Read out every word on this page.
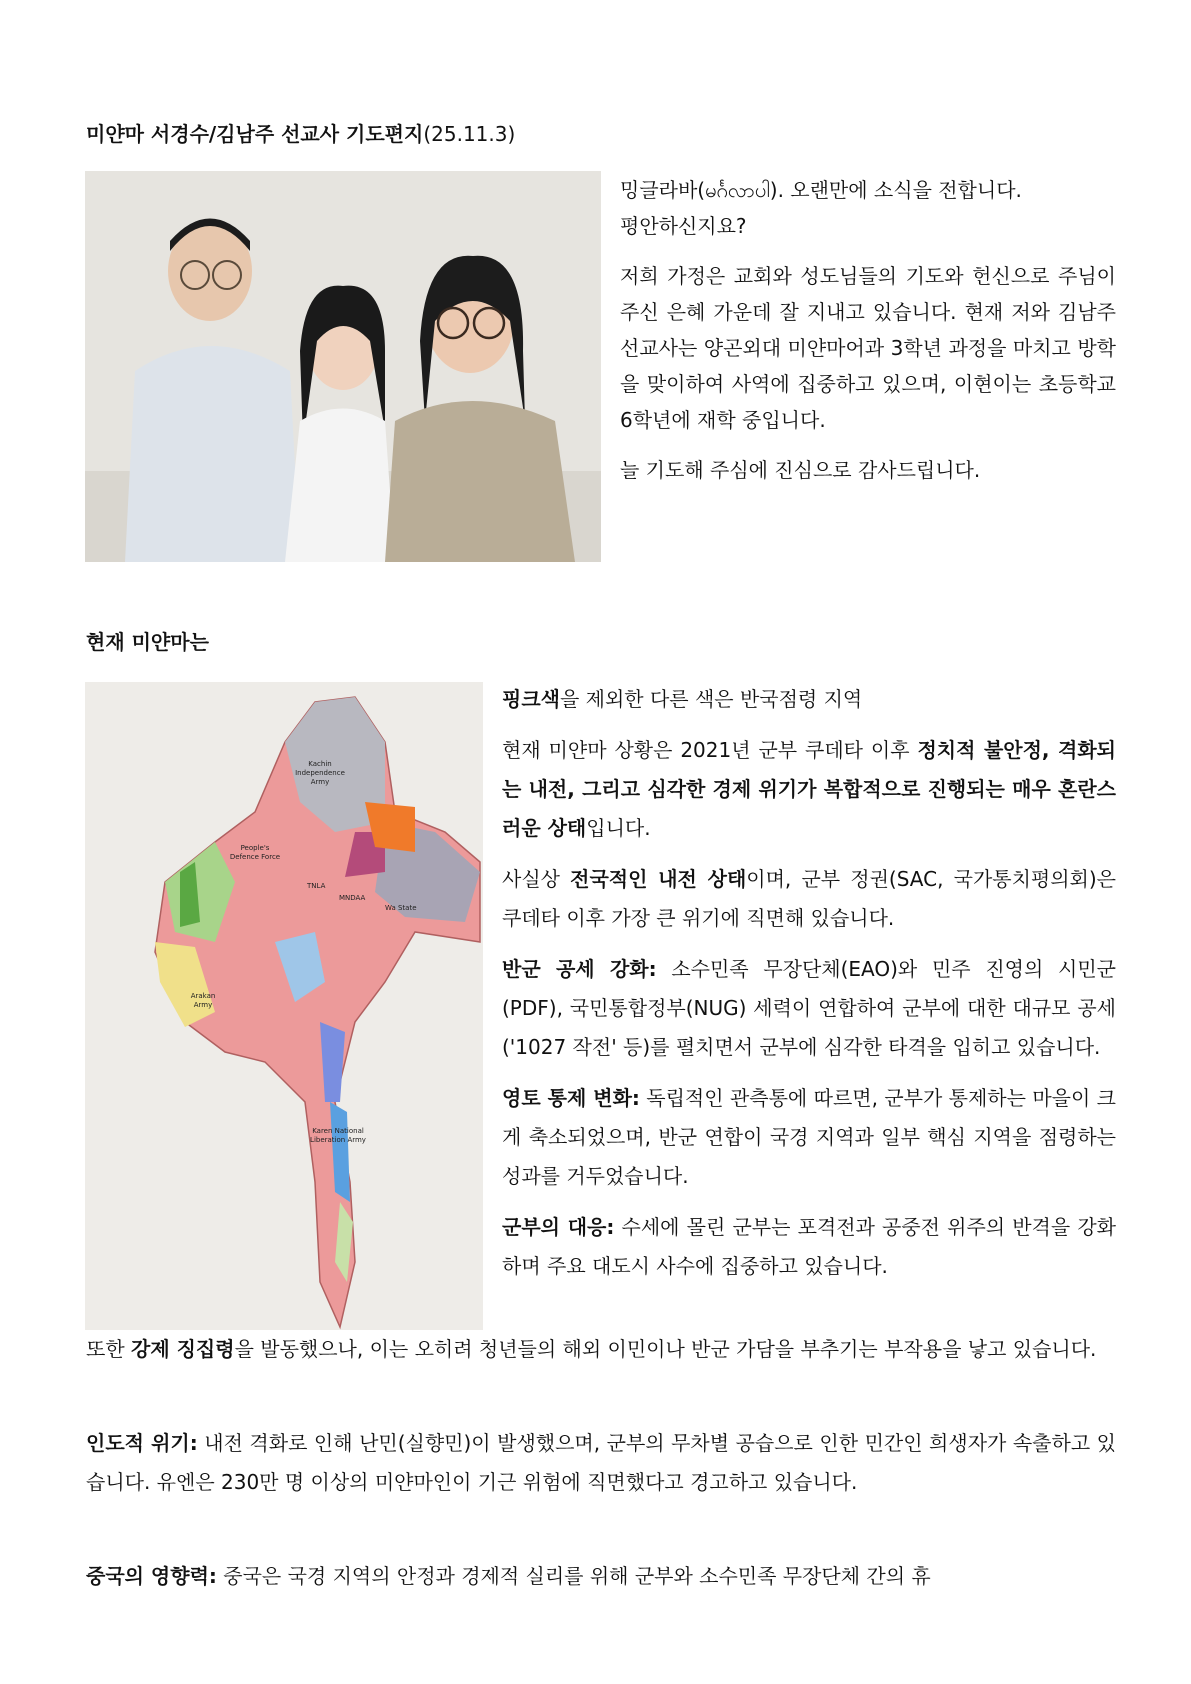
미얀마 서경수/김남주 선교사 기도편지(25.11.3)

밍글라바(မင်္ဂလာပါ). 오랜만에 소식을 전합니다.
평안하신지요?

저희 가정은 교회와 성도님들의 기도와 헌신으로 주님이 주신 은혜 가운데 잘 지내고 있습니다. 현재 저와 김남주 선교사는 양곤외대 미얀마어과 3학년 과정을 마치고 방학을 맞이하여 사역에 집중하고 있으며, 이현이는 초등학교 6학년에 재학 중입니다.

늘 기도해 주심에 진심으로 감사드립니다.

현재 미얀마는
Kachin Independence Army
People's Defence Force
TNLA
MNDAA
Wa State
Arakan Army
Karen National Liberation Army

핑크색을 제외한 다른 색은 반국점령 지역

현재 미얀마 상황은 2021년 군부 쿠데타 이후 정치적 불안정, 격화되는 내전, 그리고 심각한 경제 위기가 복합적으로 진행되는 매우 혼란스러운 상태입니다.

사실상 전국적인 내전 상태이며, 군부 정권(SAC, 국가통치평의회)은 쿠데타 이후 가장 큰 위기에 직면해 있습니다.

반군 공세 강화: 소수민족 무장단체(EAO)와 민주 진영의 시민군(PDF), 국민통합정부(NUG) 세력이 연합하여 군부에 대한 대규모 공세('1027 작전' 등)를 펼치면서 군부에 심각한 타격을 입히고 있습니다.

영토 통제 변화: 독립적인 관측통에 따르면, 군부가 통제하는 마을이 크게 축소되었으며, 반군 연합이 국경 지역과 일부 핵심 지역을 점령하는 성과를 거두었습니다.

군부의 대응: 수세에 몰린 군부는 포격전과 공중전 위주의 반격을 강화하며 주요 대도시 사수에 집중하고 있습니다.

또한 강제 징집령을 발동했으나, 이는 오히려 청년들의 해외 이민이나 반군 가담을 부추기는 부작용을 낳고 있습니다.

인도적 위기: 내전 격화로 인해 난민(실향민)이 발생했으며, 군부의 무차별 공습으로 인한 민간인 희생자가 속출하고 있습니다. 유엔은 230만 명 이상의 미얀마인이 기근 위험에 직면했다고 경고하고 있습니다.

중국의 영향력: 중국은 국경 지역의 안정과 경제적 실리를 위해 군부와 소수민족 무장단체 간의 휴
